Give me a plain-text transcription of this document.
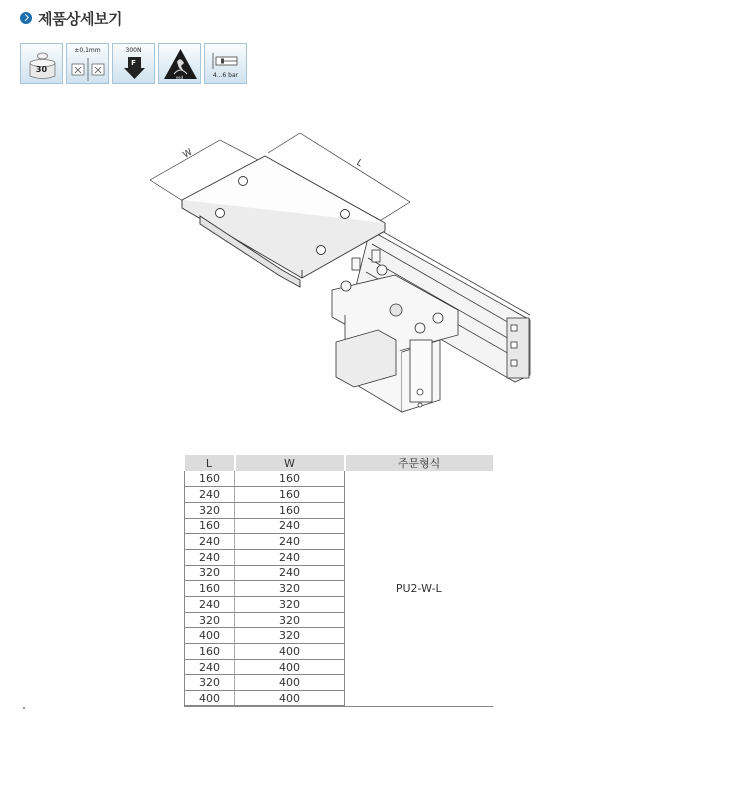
제품상세보기
30
±0,1mm	300N
F
esd	4...6 bar
W
L
L	W	주문형식
160	160	PU2-W-L
240	160	
320	160	
160	240	
240	240	
240	240	
320	240	
160	320	
240	320	
320	320	
400	320	
160	400	
240	400	
320	400	
400	400	
